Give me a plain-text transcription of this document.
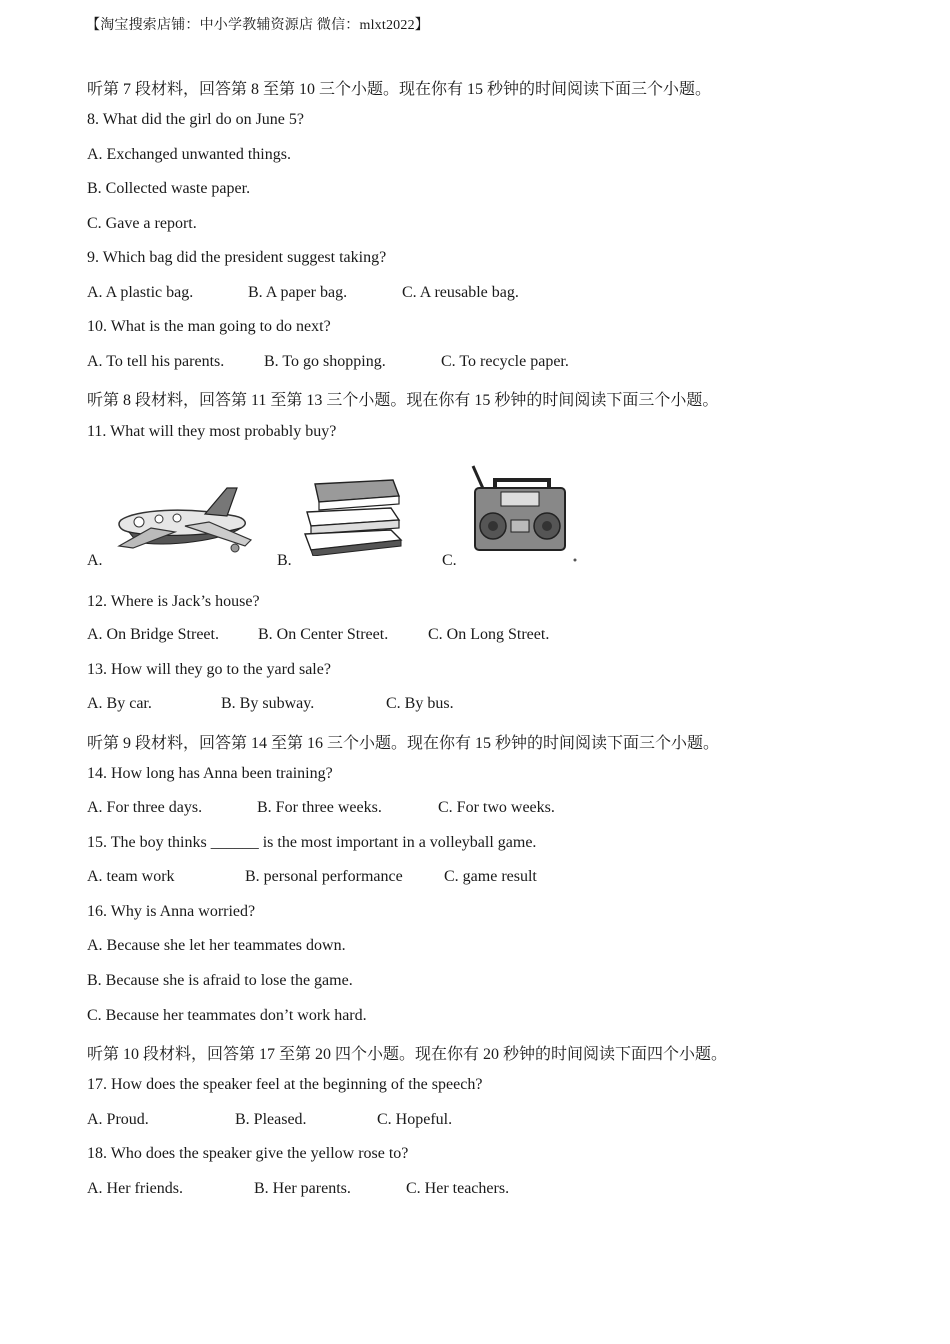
【淘宝搜索店铺：中小学教辅资源店 微信：mlxt2022】
听第 7 段材料，回答第 8 至第 10 三个小题。现在你有 15 秒钟的时间阅读下面三个小题。
8. What did the girl do on June 5?
A. Exchanged unwanted things.
B. Collected waste paper.
C. Gave a report.
9. Which bag did the president suggest taking?
A. A plastic bag.	B. A paper bag.	C. A reusable bag.
10. What is the man going to do next?
A. To tell his parents.	B. To go shopping.	C. To recycle paper.
听第 8 段材料，回答第 11 至第 13 三个小题。现在你有 15 秒钟的时间阅读下面三个小题。
11. What will they most probably buy?
A.	B.	C.
12. Where is Jack’s house?
A. On Bridge Street.	B. On Center Street.	C. On Long Street.
13. How will they go to the yard sale?
A. By car.	B. By subway.	C. By bus.
听第 9 段材料，回答第 14 至第 16 三个小题。现在你有 15 秒钟的时间阅读下面三个小题。
14. How long has Anna been training?
A. For three days.	B. For three weeks.	C. For two weeks.
15. The boy thinks ______ is the most important in a volleyball game.
A. team work	B. personal performance	C. game result
16. Why is Anna worried?
A. Because she let her teammates down.
B. Because she is afraid to lose the game.
C. Because her teammates don’t work hard.
听第 10 段材料，回答第 17 至第 20 四个小题。现在你有 20 秒钟的时间阅读下面四个小题。
17. How does the speaker feel at the beginning of the speech?
A. Proud.	B. Pleased.	C. Hopeful.
18. Who does the speaker give the yellow rose to?
A. Her friends.	B. Her parents.	C. Her teachers.
